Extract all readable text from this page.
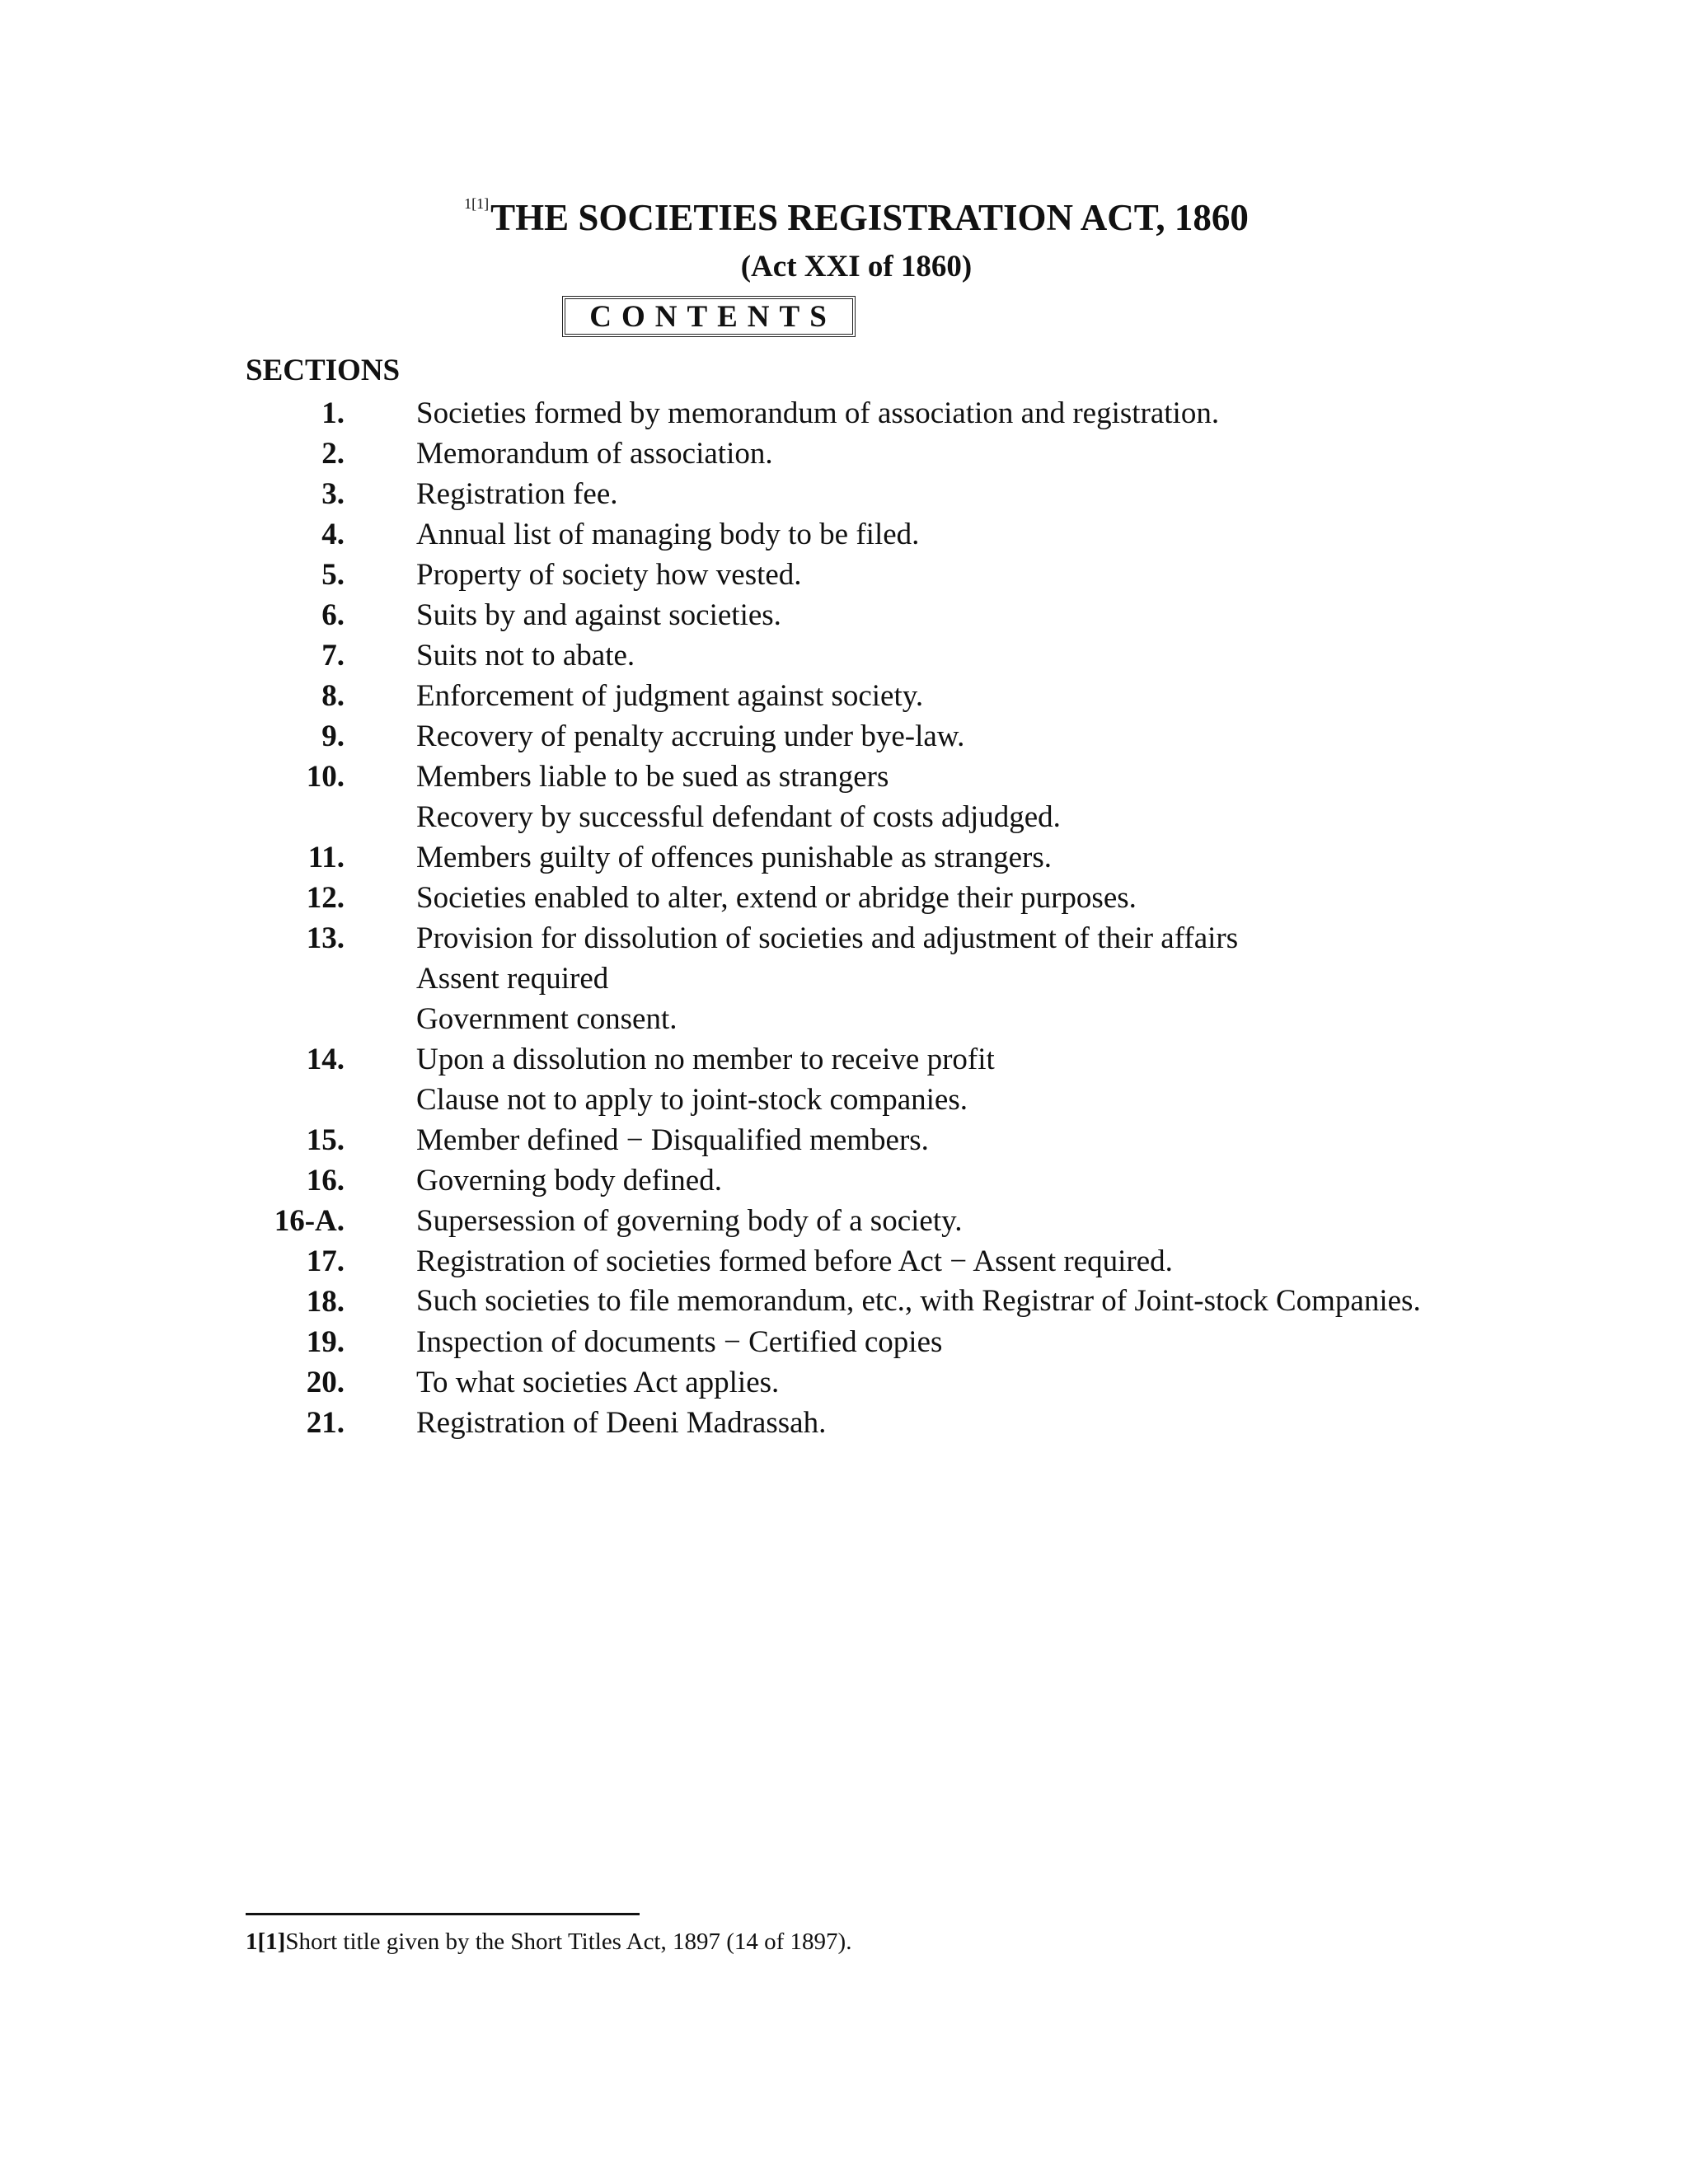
$^{1[1]}$THE SOCIETIES REGISTRATION ACT, 1860
(Act XXI of 1860)
CONTENTS
SECTIONS
1. Societies formed by memorandum of association and registration.
2. Memorandum of association.
3. Registration fee.
4. Annual list of managing body to be filed.
5. Property of society how vested.
6. Suits by and against societies.
7. Suits not to abate.
8. Enforcement of judgment against society.
9. Recovery of penalty accruing under bye-law.
10. Members liable to be sued as strangers
Recovery by successful defendant of costs adjudged.
11. Members guilty of offences punishable as strangers.
12. Societies enabled to alter, extend or abridge their purposes.
13. Provision for dissolution of societies and adjustment of their affairs
Assent required
Government consent.
14. Upon a dissolution no member to receive profit
Clause not to apply to joint-stock companies.
15. Member defined − Disqualified members.
16. Governing body defined.
16-A. Supersession of governing body of a society.
17. Registration of societies formed before Act − Assent required.
18. Such societies to file memorandum, etc., with Registrar of Joint-stock Companies.
19. Inspection of documents − Certified copies
20. To what societies Act applies.
21. Registration of Deeni Madrassah.
1[1]Short title given by the Short Titles Act, 1897 (14 of 1897).
